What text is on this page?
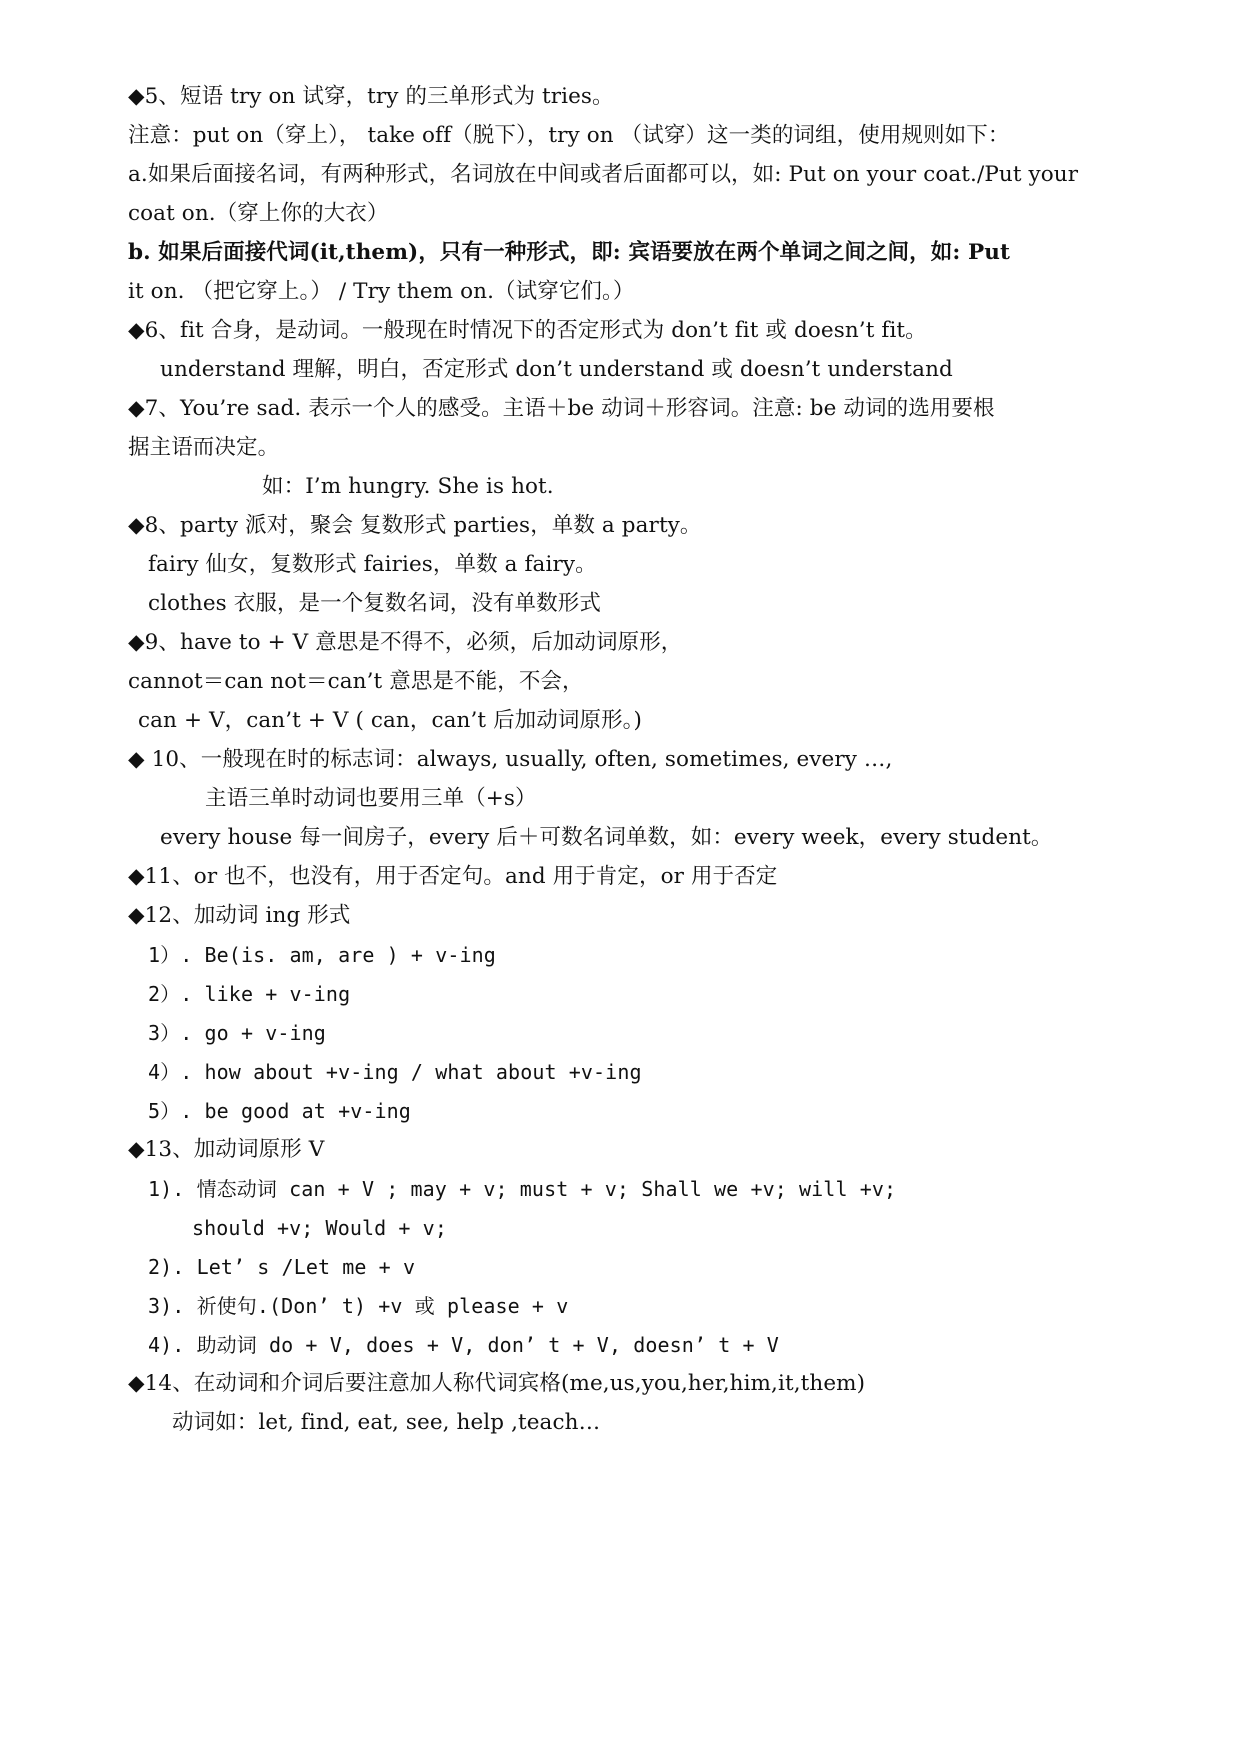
◆5、短语 try on 试穿，try 的三单形式为 tries。
注意：put on（穿上）， take off（脱下），try on （试穿）这一类的词组，使用规则如下：
a.如果后面接名词，有两种形式，名词放在中间或者后面都可以，如: Put on your coat./Put your
coat on.（穿上你的大衣）
b. 如果后面接代词(it,them)，只有一种形式，即: 宾语要放在两个单词之间之间，如: Put
it on. （把它穿上。） / Try them on.（试穿它们。）
◆6、fit 合身，是动词。一般现在时情况下的否定形式为 don’t fit 或 doesn’t fit。
understand 理解，明白，否定形式 don’t understand 或 doesn’t understand
◆7、You’re sad. 表示一个人的感受。主语＋be 动词＋形容词。注意: be 动词的选用要根
据主语而决定。
如：I’m hungry. She is hot.
◆8、party 派对，聚会 复数形式 parties，单数 a party。
fairy 仙女，复数形式 fairies，单数 a fairy。
clothes 衣服，是一个复数名词，没有单数形式
◆9、have to + V 意思是不得不，必须，后加动词原形，
cannot＝can not＝can’t 意思是不能，不会，
can + V，can’t + V ( can，can’t 后加动词原形。)
◆ 10、一般现在时的标志词：always, usually, often, sometimes, every …,
主语三单时动词也要用三单（+s）
every house 每一间房子，every 后＋可数名词单数，如：every week，every student。
◆11、or 也不，也没有，用于否定句。and 用于肯定，or 用于否定
◆12、加动词 ing 形式
1）. Be(is. am, are ) + v-ing
2）. like + v-ing
3）. go + v-ing
4）. how about +v-ing / what about +v-ing
5）. be good at +v-ing
◆13、加动词原形 V
1). 情态动词 can + V ; may + v; must + v; Shall we +v; will +v;
should +v; Would + v;
2). Let’ s /Let me + v
3). 祈使句.(Don’ t) +v 或 please + v
4). 助动词 do + V, does + V, don’ t + V, doesn’ t + V
◆14、在动词和介词后要注意加人称代词宾格(me,us,you,her,him,it,them)
动词如：let, find, eat, see, help ,teach…
